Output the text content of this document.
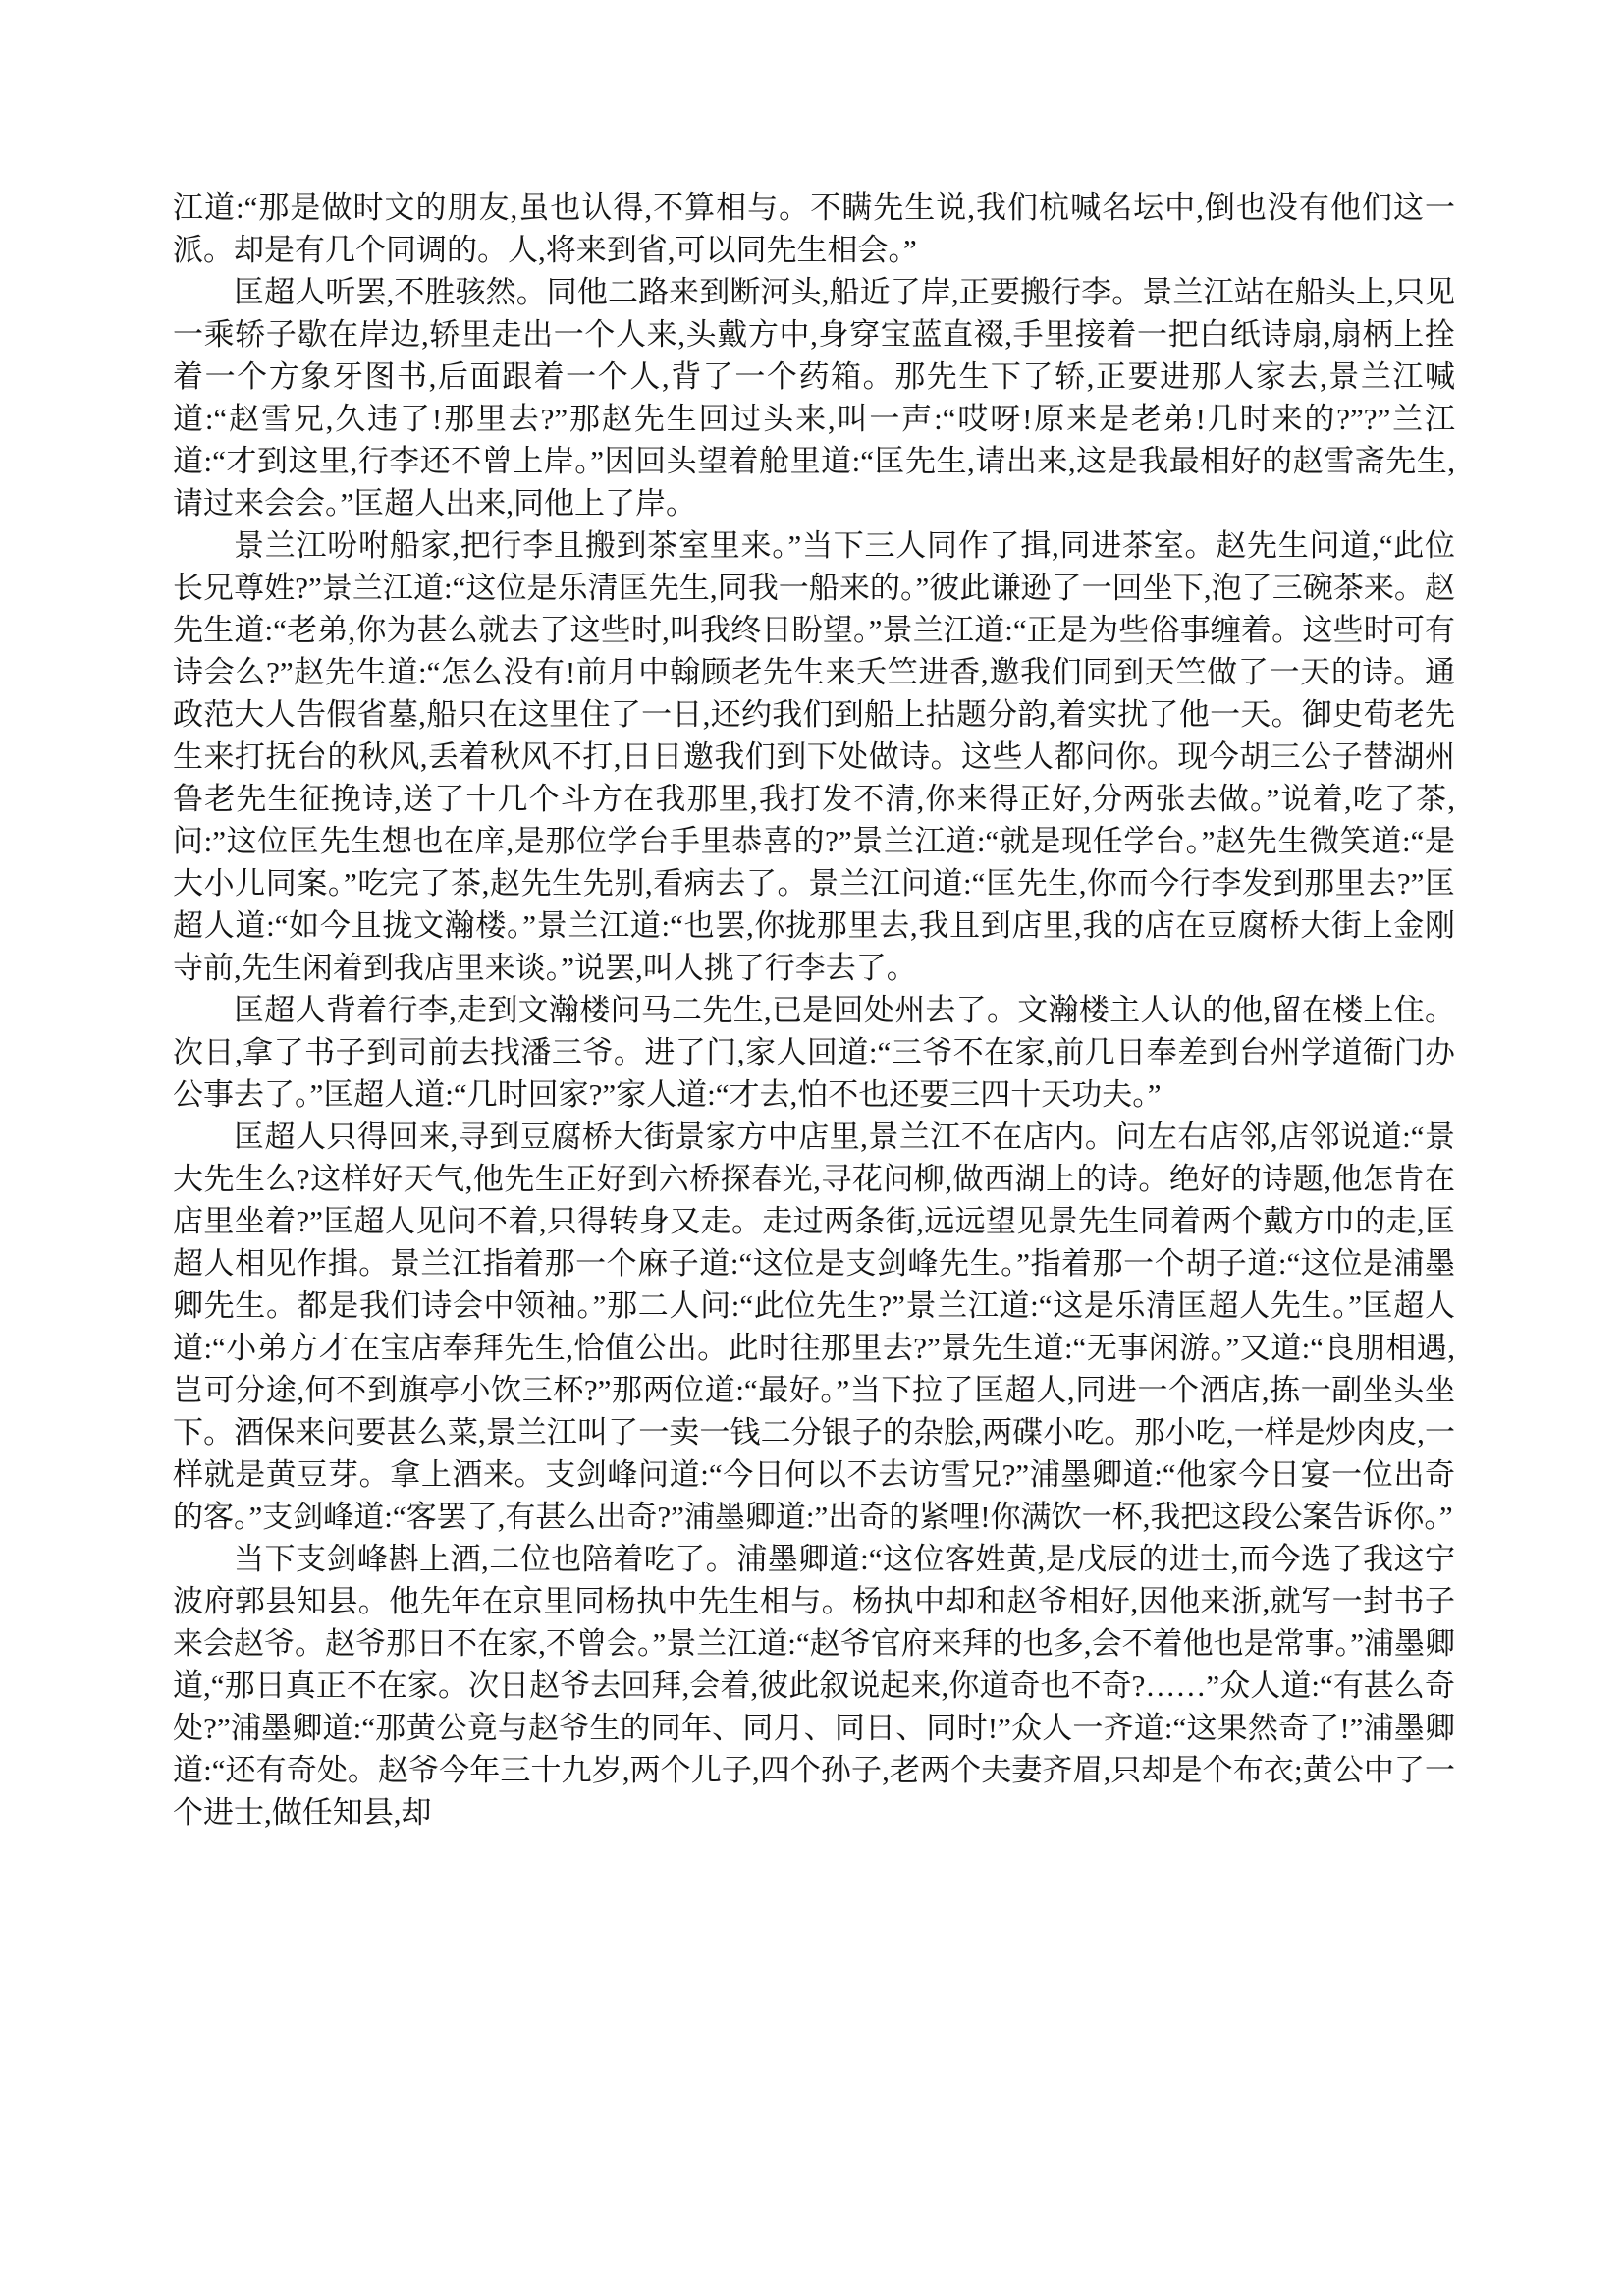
江道:“那是做时文的朋友,虽也认得,不算相与。不瞒先生说,我们杭喊名坛中,倒也没有他们这一派。却是有几个同调的。人,将来到省,可以同先生相会。”

匡超人听罢,不胜骇然。同他二路来到断河头,船近了岸,正要搬行李。景兰江站在船头上,只见一乘轿子歇在岸边,轿里走出一个人来,头戴方中,身穿宝蓝直裰,手里接着一把白纸诗扇,扇柄上拴着一个方象牙图书,后面跟着一个人,背了一个药箱。那先生下了轿,正要进那人家去,景兰江喊道:“赵雪兄,久违了!那里去?”那赵先生回过头来,叫一声:“哎呀!原来是老弟!几时来的?”?”兰江道:“才到这里,行李还不曾上岸。”因回头望着舱里道:“匡先生,请出来,这是我最相好的赵雪斋先生,请过来会会。”匡超人出来,同他上了岸。

景兰江吩咐船家,把行李且搬到茶室里来。”当下三人同作了揖,同进茶室。赵先生问道,“此位长兄尊姓?”景兰江道:“这位是乐清匡先生,同我一船来的。”彼此谦逊了一回坐下,泡了三碗茶来。赵先生道:“老弟,你为甚么就去了这些时,叫我终日盼望。”景兰江道:“正是为些俗事缠着。这些时可有诗会么?”赵先生道:“怎么没有!前月中翰顾老先生来夭竺进香,邀我们同到天竺做了一天的诗。通政范大人告假省墓,船只在这里住了一日,还约我们到船上拈题分韵,着实扰了他一天。御史荀老先生来打抚台的秋风,丢着秋风不打,日日邀我们到下处做诗。这些人都问你。现今胡三公子替湖州鲁老先生征挽诗,送了十几个斗方在我那里,我打发不清,你来得正好,分两张去做。”说着,吃了茶,问:”这位匡先生想也在庠,是那位学台手里恭喜的?”景兰江道:“就是现任学台。”赵先生微笑道:“是大小儿同案。”吃完了茶,赵先生先别,看病去了。景兰江问道:“匡先生,你而今行李发到那里去?”匡超人道:“如今且拢文瀚楼。”景兰江道:“也罢,你拢那里去,我且到店里,我的店在豆腐桥大街上金刚寺前,先生闲着到我店里来谈。”说罢,叫人挑了行李去了。

匡超人背着行李,走到文瀚楼问马二先生,已是回处州去了。文瀚楼主人认的他,留在楼上住。次日,拿了书子到司前去找潘三爷。进了门,家人回道:“三爷不在家,前几日奉差到台州学道衙门办公事去了。”匡超人道:“几时回家?”家人道:“才去,怕不也还要三四十天功夫。”

匡超人只得回来,寻到豆腐桥大街景家方中店里,景兰江不在店内。问左右店邻,店邻说道:“景大先生么?这样好天气,他先生正好到六桥探春光,寻花问柳,做西湖上的诗。绝好的诗题,他怎肯在店里坐着?”匡超人见问不着,只得转身又走。走过两条街,远远望见景先生同着两个戴方巾的走,匡超人相见作揖。景兰江指着那一个麻子道:“这位是支剑峰先生。”指着那一个胡子道:“这位是浦墨卿先生。都是我们诗会中领袖。”那二人问:“此位先生?”景兰江道:“这是乐清匡超人先生。”匡超人道:“小弟方才在宝店奉拜先生,恰值公出。此时往那里去?”景先生道:“无事闲游。”又道:“良朋相遇,岂可分途,何不到旗亭小饮三杯?”那两位道:“最好。”当下拉了匡超人,同进一个酒店,拣一副坐头坐下。酒保来问要甚么菜,景兰江叫了一卖一钱二分银子的杂脍,两碟小吃。那小吃,一样是炒肉皮,一样就是黄豆芽。拿上酒来。支剑峰问道:“今日何以不去访雪兄?”浦墨卿道:“他家今日宴一位出奇的客。”支剑峰道:“客罢了,有甚么出奇?”浦墨卿道:”出奇的紧哩!你满饮一杯,我把这段公案告诉你。”

当下支剑峰斟上酒,二位也陪着吃了。浦墨卿道:“这位客姓黄,是戊辰的进士,而今选了我这宁波府郭县知县。他先年在京里同杨执中先生相与。杨执中却和赵爷相好,因他来浙,就写一封书子来会赵爷。赵爷那日不在家,不曾会。”景兰江道:“赵爷官府来拜的也多,会不着他也是常事。”浦墨卿道,“那日真正不在家。次日赵爷去回拜,会着,彼此叙说起来,你道奇也不奇?……”众人道:“有甚么奇处?”浦墨卿道:“那黄公竟与赵爷生的同年、同月、同日、同时!”众人一齐道:“这果然奇了!”浦墨卿道:“还有奇处。赵爷今年三十九岁,两个儿子,四个孙子,老两个夫妻齐眉,只却是个布衣;黄公中了一个进士,做任知县,却
